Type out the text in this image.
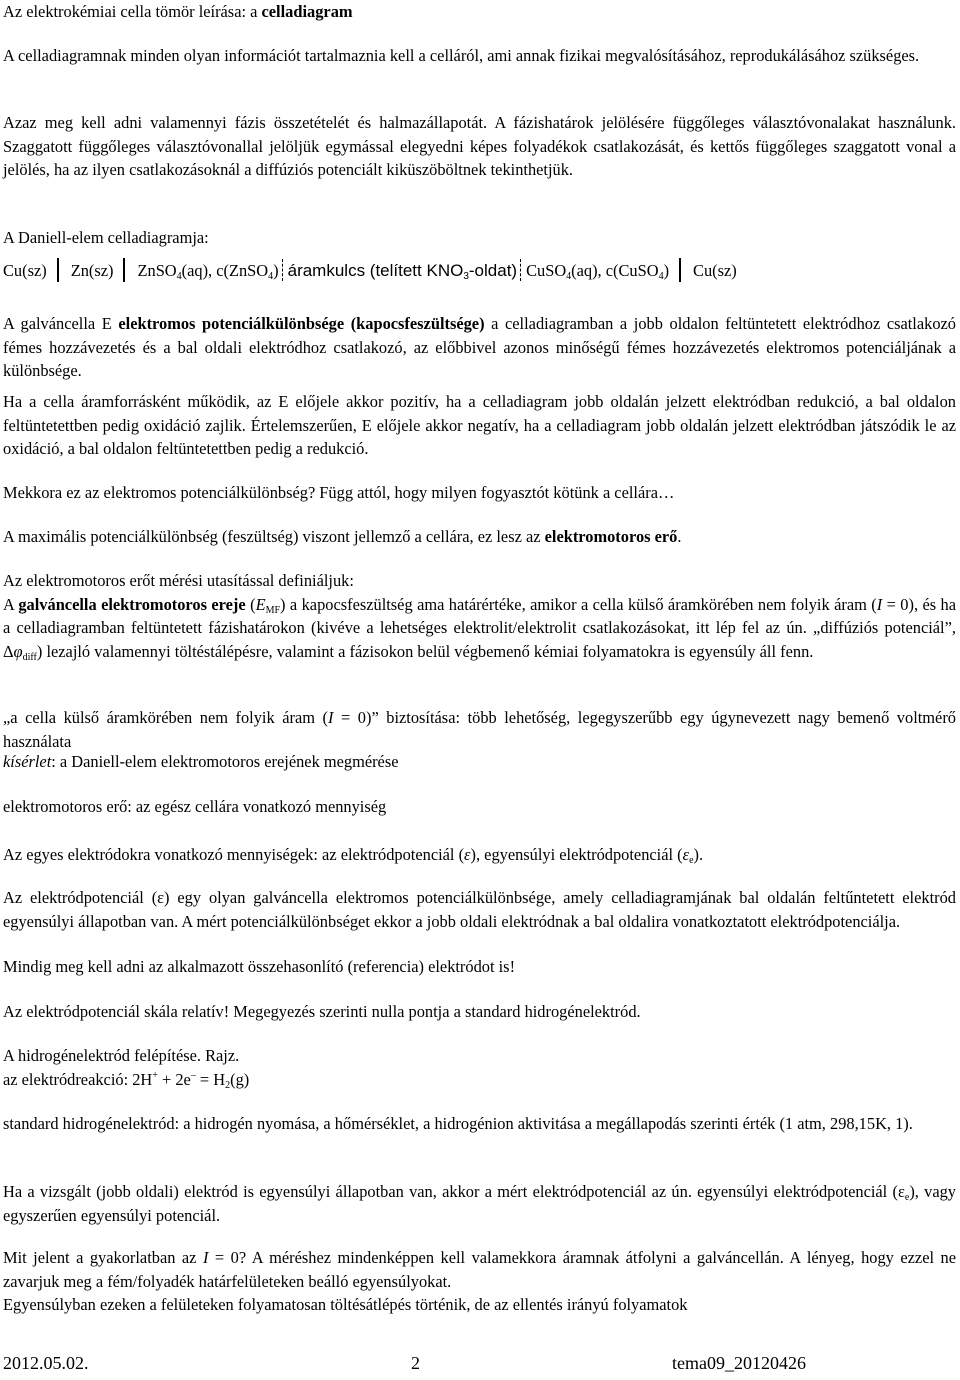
Az elektrokémiai cella tömör leírása: a celladiagram

A celladiagramnak minden olyan információt tartalmaznia kell a celláról, ami annak fizikai megvalósításához, reprodukálásához szükséges.

Azaz meg kell adni valamennyi fázis összetételét és halmazállapotát. A fázishatárok jelölésére függőleges választóvonalakat használunk. Szaggatott függőleges választóvonallal jelöljük egymással elegyedni képes folyadékok csatlakozását, és kettős függőleges szaggatott vonal a jelölés, ha az ilyen csatlakozásoknál a diffúziós potenciált kiküszöböltnek tekinthetjük.

A Daniell-elem celladiagramja:

Cu(sz) Zn(sz) ZnSO$_4$(aq), c(ZnSO$_4$) áramkulcs (telített $KNO_3-oldat$) CuSO$_4$(aq), c(CuSO$_4$) Cu(sz)

A galváncella E elektromos potenciálkülönbsége (kapocsfeszültsége) a celladiagramban a jobb oldalon feltüntetett elektródhoz csatlakozó fémes hozzávezetés és a bal oldali elektródhoz csatlakozó, az előbbivel azonos minőségű fémes hozzávezetés elektromos potenciáljának a különbsége.

Ha a cella áramforrásként működik, az E előjele akkor pozitív, ha a celladiagram jobb oldalán jelzett elektródban redukció, a bal oldalon feltüntetettben pedig oxidáció zajlik. Értelemszerűen, E előjele akkor negatív, ha a celladiagram jobb oldalán jelzett elektródban játszódik le az oxidáció, a bal oldalon feltüntetettben pedig a redukció.

Mekkora ez az elektromos potenciálkülönbség? Függ attól, hogy milyen fogyasztót kötünk a cellára…

A maximális potenciálkülönbség (feszültség) viszont jellemző a cellára, ez lesz az elektromotoros erő.

Az elektromotoros erőt mérési utasítással definiáljuk:
A galváncella elektromotoros ereje $(E_{MF})$ a kapocsfeszültség ama határértéke, amikor a cella külső áramkörében nem folyik áram (I = 0), és ha a celladiagramban feltüntetett fázishatárokon (kivéve a lehetséges elektrolit/elektrolit csatlakozásokat, itt lép fel az ún. „diffúziós potenciál”, $\Delta\varphi_{diff}$) lezajló valamennyi töltéstálépésre, valamint a fázisokon belül végbemenő kémiai folyamatokra is egyensúly áll fenn.

„a cella külső áramkörében nem folyik áram (I = 0)” biztosítása: több lehetőség, legegyszerűbb egy úgynevezett nagy bemenő voltmérő használata

kísérlet: a Daniell-elem elektromotoros erejének megmérése

elektromotoros erő: az egész cellára vonatkozó mennyiség

Az egyes elektródokra vonatkozó mennyiségek: az elektródpotenciál (ε), egyensúlyi elektródpotenciál $(\varepsilon_e)$.

Az elektródpotenciál (ε) egy olyan galváncella elektromos potenciálkülönbsége, amely celladiagramjának bal oldalán feltűntetett elektród egyensúlyi állapotban van. A mért potenciálkülönbséget ekkor a jobb oldali elektródnak a bal oldalira vonatkoztatott elektródpotenciálja.

Mindig meg kell adni az alkalmazott összehasonlító (referencia) elektródot is!

Az elektródpotenciál skála relatív! Megegyezés szerinti nulla pontja a standard hidrogénelektród.

A hidrogénelektród felépítése. Rajz.
az elektródreakció: $2H^+ + 2e^- = H_2(g)$

standard hidrogénelektród: a hidrogén nyomása, a hőmérséklet, a hidrogénion aktivitása a megállapodás szerinti érték (1 atm, 298,15K, 1).

Ha a vizsgált (jobb oldali) elektród is egyensúlyi állapotban van, akkor a mért elektródpotenciál az ún. egyensúlyi elektródpotenciál $(\varepsilon_e)$, vagy egyszerűen egyensúlyi potenciál.

Mit jelent a gyakorlatban az I = 0? A méréshez mindenképpen kell valamekkora áramnak átfolyni a galváncellán. A lényeg, hogy ezzel ne zavarjuk meg a fém/folyadék határfelületeken beálló egyensúlyokat.
Egyensúlyban ezeken a felületeken folyamatosan töltésátlépés történik, de az ellentés irányú folyamatok
2012.05.02.	2	tema09_20120426
